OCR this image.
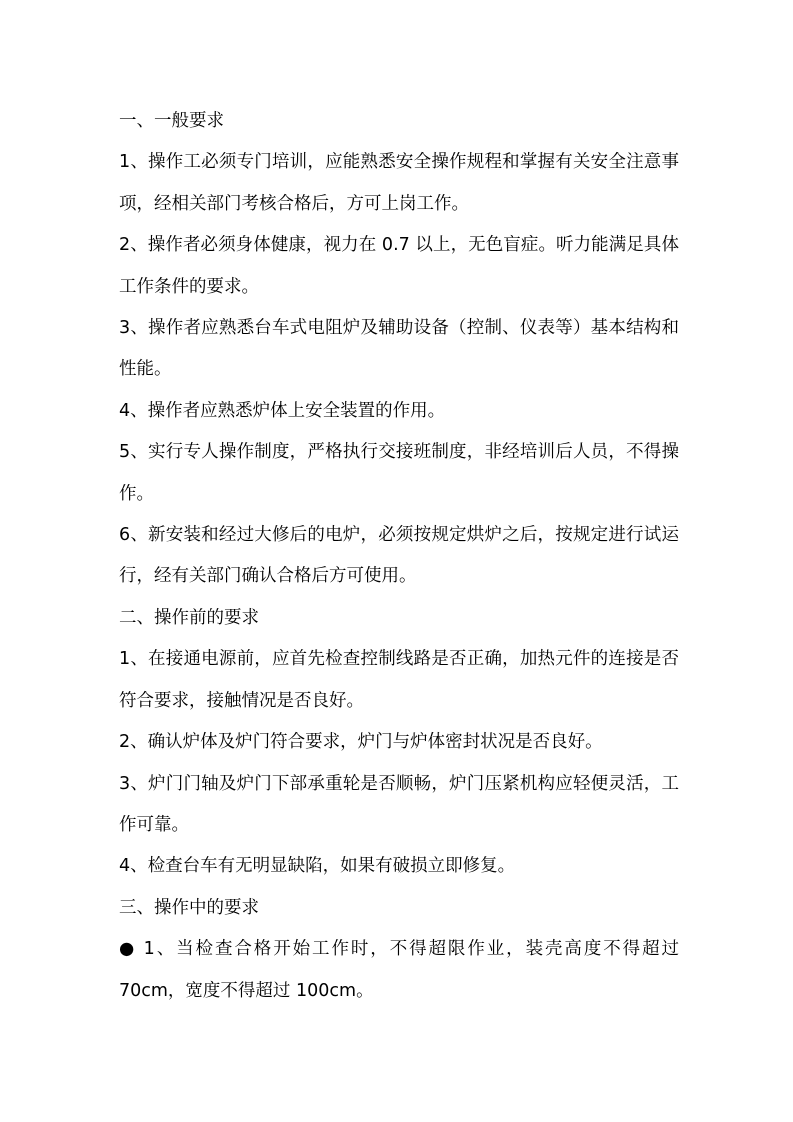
一、一般要求

1、操作工必须专门培训，应能熟悉安全操作规程和掌握有关安全注意事项，经相关部门考核合格后，方可上岗工作。

2、操作者必须身体健康，视力在 0.7 以上，无色盲症。听力能满足具体工作条件的要求。

3、操作者应熟悉台车式电阻炉及辅助设备（控制、仪表等）基本结构和性能。

4、操作者应熟悉炉体上安全装置的作用。

5、实行专人操作制度，严格执行交接班制度，非经培训后人员，不得操作。

6、新安装和经过大修后的电炉，必须按规定烘炉之后，按规定进行试运行，经有关部门确认合格后方可使用。

二、操作前的要求

1、在接通电源前，应首先检查控制线路是否正确，加热元件的连接是否符合要求，接触情况是否良好。

2、确认炉体及炉门符合要求，炉门与炉体密封状况是否良好。

3、炉门门轴及炉门下部承重轮是否顺畅，炉门压紧机构应轻便灵活，工作可靠。

4、检查台车有无明显缺陷，如果有破损立即修复。

三、操作中的要求

● 1、当检查合格开始工作时，不得超限作业，装壳高度不得超过 70cm，宽度不得超过 100cm。
